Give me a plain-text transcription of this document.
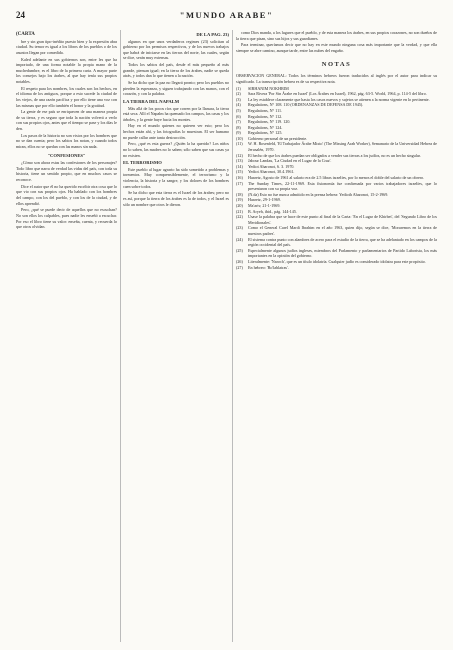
24	"MUNDO ARABE"

(CARTA

bre y sin gran tipo-inédito puesto bien y la expresión abra ciudad. Su temor es igual a los libros de los pueblos o de los asuntos llegan por comedida.

Kaled adelante en sus gobiernos son, entre les que ha importado, de una forma notable la propia mano de la muchedumbre, es el libro de la primera carta. A mayor parte los consejos bajo los árabes, al que hay tenía sus propios notables.

El respeto para los nombres, los cuales son los hechos, en el idioma de los antiguos, porque a esto sucede la ciudad de los viejos, de una razón pacífica y por ello tiene una voz con las mismas que por ello también el honor y la gratitud.

La gente de ese país se enriquecen de una manera propia de su tierra, y es seguro que toda la nación volverá a verlo con sus propios ojos, antes que el tiempo se pase y los días le den.

Los pasos de la historia no son vistos por los hombres que no se dan cuenta; pero los sabios los notan, y cuando todos miran, ellos no se quedan con las manos sin nada.

"CONFESIONES"

¿Cómo son ahora estas las confesiones de los personajes? Todo libro que narra de verdad las vidas del país, con toda su historia, tiene un sentido propio, que en muchos casos se reconoce.

Dice el autor que él no ha querido escribir otra cosa que lo que vio con sus propios ojos. Ha hablado con los hombres del campo, con los del pueblo, y con los de la ciudad, y de ellos aprendió.

Pero, ¿qué se puede decir de aquellos que no escuchan? No son ellos los culpables, pues nadie les enseñó a escuchar. Por eso el libro tiene su valor: enseña, cuenta, y recuerda lo que otros olvidan.

DE LA PAG. 23)

algunos en que unos verdaderos regimes (23) solicitan al gobierno por los permisos respectivos, y de los nuevos trabajos que habrá de iniciarse en las tierras del norte, las cuales, según se dice, serán muy extensas.

Todos los sabios del país, desde el más pequeño al más grande, piensan igual; en la tierra de los árabes, nadie se queda atrás, y todos dan lo que tienen a la nación.

Se ha dicho que la paz no llegará pronto; pero los pueblos no pierden la esperanza, y siguen trabajando con las manos, con el corazón, y con la palabra.

LA TIERRA DEL NAPALM

Más allá de los pocos ríos que corren por la llanura, la tierra está seca. Allí el Napalm ha quemado los campos, las casas y los árboles, y la gente huye hacia los montes.

Hay en el mundo quienes no quieren ver esto; pero los hechos están ahí, y las fotografías lo muestran. El ser humano no puede callar ante tanta destrucción.

Pero, ¿qué es esta guerra? ¿Quién la ha querido? Los niños no lo saben, las madres no lo saben; sólo saben que sus casas ya no existen.

EL TERRORISMO

Este pueblo al lugar agrario ha sido sometido a problemas y tormentos. Muy comprensiblemente, el terrorismo y la violencia, la historia y la sangre, y los dolores de los hombres caen sobre todos.

Se ha dicho que esta tierra es el Israel de los árabes; pero no es así, porque la tierra de los árabes es la de todos, y el Israel es sólo un nombre que otros le dieron.

como Dios manda, a los lugares que el pueblo, y de esta manera los árabes, en sus propios corazones, no son dueños de la tierra que pisan, sino sus hijos y sus guardianes.

Para terminar, queríamos decir que no hay en este mundo ninguna cosa más importante que la verdad, y que ella siempre se abre camino, aunque tarde, entre las nubes del engaño.

NOTAS

OBSERVACION GENERAL: Todos los términos hebreos fueron traducidos al inglés por el autor para indicar su significado. La transcripción hebrea es de su respectiva nota.

(1)	SIRHANIM NOKHRIM
(2)	Sara Rivera 'Por Sin Árabe en Israel' (Los Árabes en Israel), 1962, pág. 63-5. World, 1964, p. 114-5 del libro.
(3)	La ley establece claramente que hasta los casos nuevos y sujetos se atienen a la norma vigente en lo pertinente.
(4)	Regulations, N° 108. 110 (ORDENANZAS DE DEFENSA DE 1945).
(5)	Regulations, N° 111.
(6)	Regulations, N° 112.
(7)	Regulations, N° 119. 120.
(8)	Regulations, N° 124.
(9)	Regulations, N° 125.
(10)	Gobierno personal de un presidente.
(11)	W. H. Rosenfeld, 'El Trabajador Árabe Mixto' (The Missing Arab Worker), Semanario de la Universidad Hebrea de Jerusalén, 1970.
(12)	El hecho de que los árabes puedan ser obligados a vender sus tierras a los judíos, no es un hecho singular.
(13)	Jabour Landau, 'La Ciudad en el Lugar de la Cruz'.
(14)	Yediot Aharonot, 6. 3. 1970.
(15)	Yediot Aharonot, 30.4.1961.
(16)	Haaretz, Agosto de 1961 al salario era de 2.5 libras israelíes, por lo menos el doble del salario de un obrero.
(17)	The Sunday Times, 22-11-1969. Esta fisionomía fue confirmada por varios trabajadores israelíes, que lo presentaron con su propia voz.
(18)	(N.da) Esto no fue nunca admitido en la prensa hebrea: Yedioth Aharonot, 15-2-1969.
(19)	Haaretz, 29-1-1969.
(20)	Ma'ariv, 21-1-1969.
(21)	B. Aryeh, ibid., pág. 144-145.
(22)	Usase la palabra que se hace de este punto al final de la Carta: 'En el Lugar de Khirbet', del 'Segundo Libro de los Meridionales'.
(23)	Como el General Carel Mardi Ibrahim en el año 1963, quien dijo, según se dice, 'Moraremos en la tierra de nuestros padres'.
(24)	El sistema contra punto con alambres de acero para el estudio de la tierra, que se ha adelantado en los campos de la región occidental del país.
(25)	Especialmente algunos judíos ingleses, miembros del Parlamento y parlamentarios de Partido Laborista, los más importantes en la opinión del gobierno.
(26)	Literalmente: 'Naroch', que es un título idolatría. Cualquier judío es considerado idolatra para este propósito.
(27)	En hebreo: 'Bo'lablatras'.
